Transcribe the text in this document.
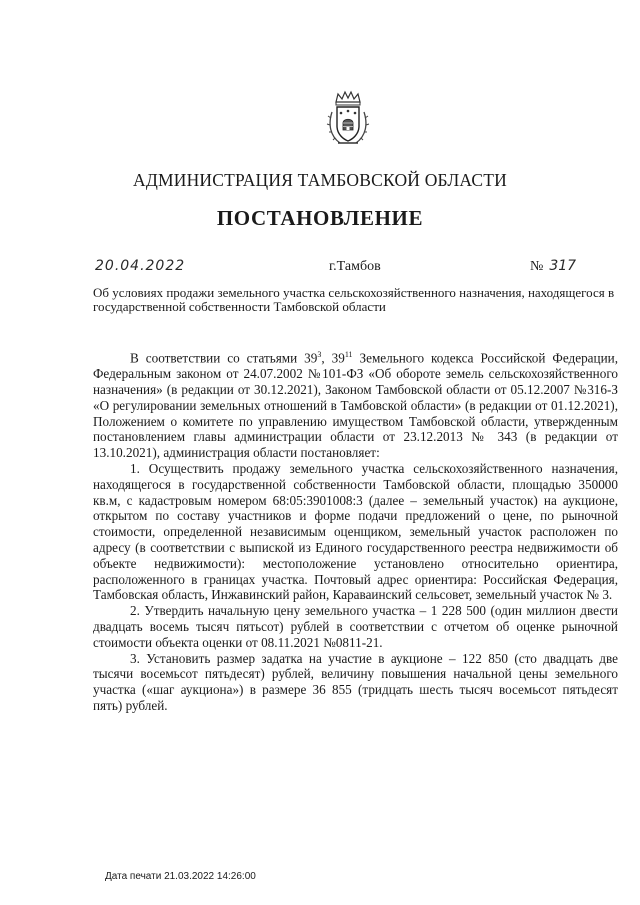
АДМИНИСТРАЦИЯ ТАМБОВСКОЙ ОБЛАСТИ
ПОСТАНОВЛЕНИЕ
20.04.2022	г.Тамбов	№ 317
Об условиях продажи земельного участка сельскохозяйственного назначения, находящегося в государственной собственности Тамбовской области

В соответствии со статьями $39^3$, $39^{11}$ Земельного кодекса Российской Федерации, Федеральным законом от 24.07.2002 №101-ФЗ «Об обороте земель сельскохозяйственного назначения» (в редакции от 30.12.2021), Законом Тамбовской области от 05.12.2007 №316-З «О регулировании земельных отношений в Тамбовской области» (в редакции от 01.12.2021), Положением о комитете по управлению имуществом Тамбовской области, утвержденным постановлением главы администрации области от 23.12.2013 № 343 (в редакции от 13.10.2021), администрация области постановляет:

1. Осуществить продажу земельного участка сельскохозяйственного назначения, находящегося в государственной собственности Тамбовской области, площадью 350000 кв.м, с кадастровым номером 68:05:3901008:3 (далее – земельный участок) на аукционе, открытом по составу участников и форме подачи предложений о цене, по рыночной стоимости, определенной независимым оценщиком, земельный участок расположен по адресу (в соответствии с выпиской из Единого государственного реестра недвижимости об объекте недвижимости): местоположение установлено относительно ориентира, расположенного в границах участка. Почтовый адрес ориентира: Российская Федерация, Тамбовская область, Инжавинский район, Караваинский сельсовет, земельный участок № 3.

2. Утвердить начальную цену земельного участка – 1 228 500 (один миллион двести двадцать восемь тысяч пятьсот) рублей в соответствии с отчетом об оценке рыночной стоимости объекта оценки от 08.11.2021 №0811-21.

3. Установить размер задатка на участие в аукционе – 122 850 (сто двадцать две тысячи восемьсот пятьдесят) рублей, величину повышения начальной цены земельного участка («шаг аукциона») в размере 36 855 (тридцать шесть тысяч восемьсот пятьдесят пять) рублей.

Дата печати 21.03.2022 14:26:00
